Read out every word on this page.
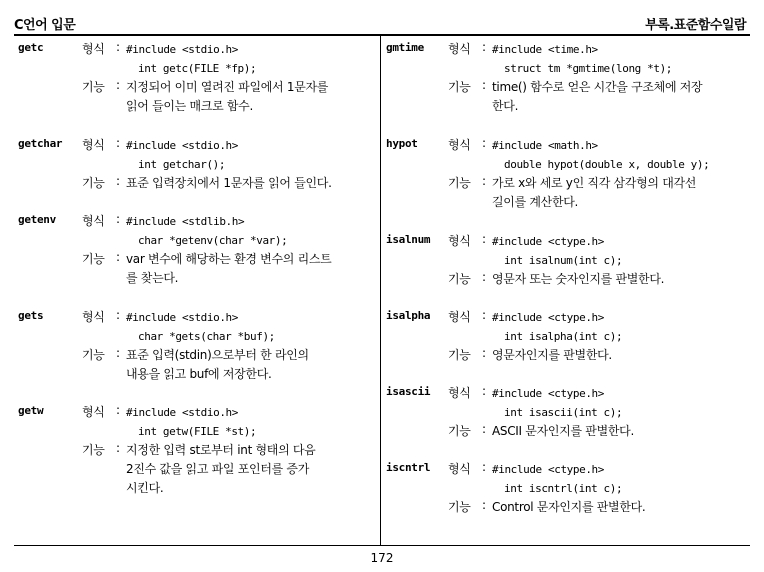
C언어 입문	부록.표준함수일람
getc	형식 : #include <stdio.h>
int getc(FILE *fp);
기능 : 지정되어 이미 열려진 파일에서 1문자를
읽어 들이는 매크로 함수.
getchar 형식 : #include <stdio.h>
int getchar();
기능 : 표준 입력장치에서 1문자를 읽어 들인다.
getenv 형식 : #include <stdlib.h>
char *getenv(char *var);
기능 : var 변수에 해당하는 환경 변수의 리스트
를 찾는다.
gets	형식 : #include <stdio.h>
char *gets(char *buf);
기능 : 표준 입력(stdin)으로부터 한 라인의
내용을 읽고 buf에 저장한다.
getw	형식 : #include <stdio.h>
int getw(FILE *st);
기능 : 지정한 입력 st로부터 int 형태의 다음
2진수 값을 읽고 파일 포인터를 증가
시킨다.
gmtime 형식 : #include <time.h>
struct tm *gmtime(long *t);
기능 : time() 함수로 얻은 시간을 구조체에 저장
한다.
hypot	형식 : #include <math.h>
double hypot(double x, double y);
기능 : 가로 x와 세로 y인 직각 삼각형의 대각선
길이를 계산한다.
isalnum 형식 : #include <ctype.h>
int isalnum(int c);
기능 : 영문자 또는 숫자인지를 판별한다.
isalpha 형식 : #include <ctype.h>
int isalpha(int c);
기능 : 영문자인지를 판별한다.
isascii 형식 : #include <ctype.h>
int isascii(int c);
기능 : ASCII 문자인지를 판별한다.
iscntrl 형식 : #include <ctype.h>
int iscntrl(int c);
기능 : Control 문자인지를 판별한다.
172
